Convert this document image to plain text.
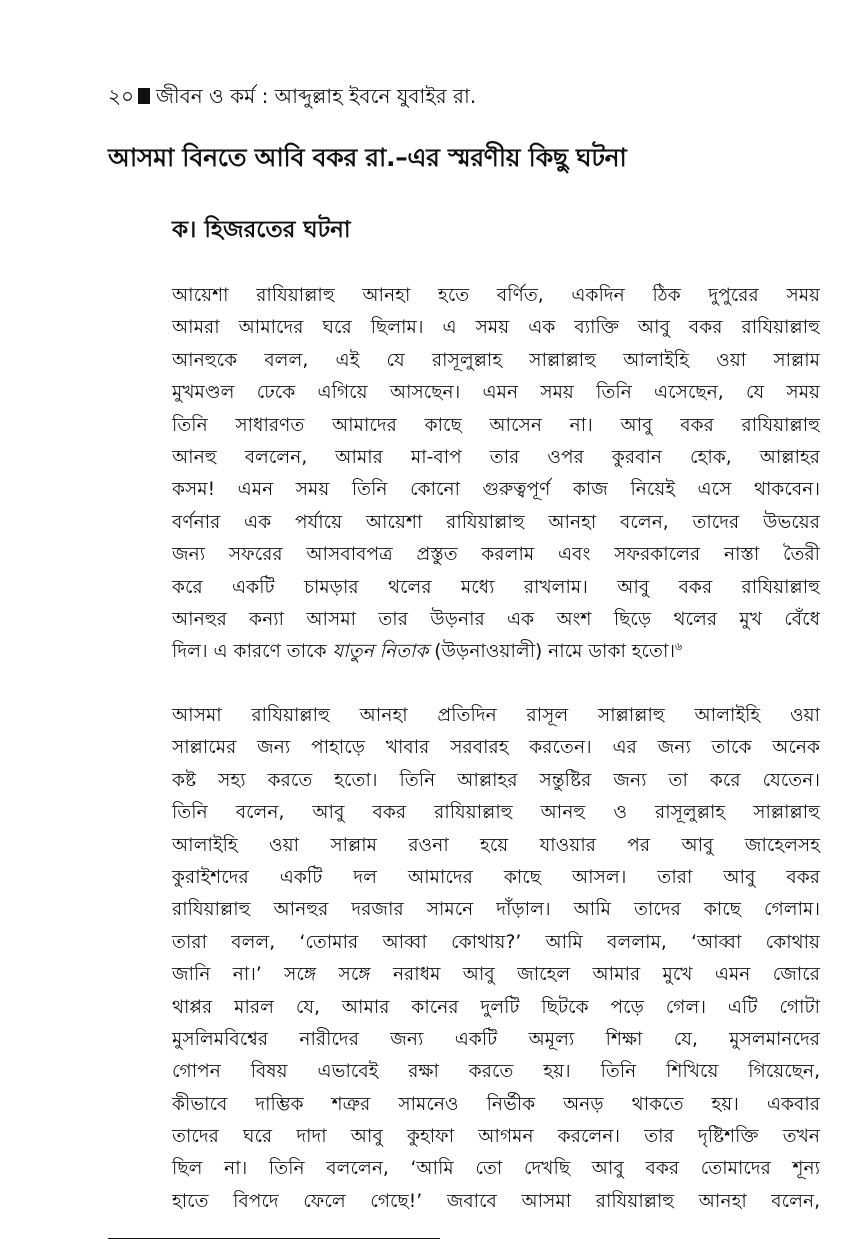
২০ জীবন ও কর্ম : আব্দুল্লাহ ইবনে যুবাইর রা.
আসমা বিনতে আবি বকর রা.–এর স্মরণীয় কিছু ঘটনা
ক। হিজরতের ঘটনা
আয়েশা রাযিয়াল্লাহু আনহা হতে বর্ণিত, একদিন ঠিক দুপুরের সময়
আমরা আমাদের ঘরে ছিলাম। এ সময় এক ব্যাক্তি আবু বকর রাযিয়াল্লাহু
আনহুকে বলল, এই যে রাসূলুল্লাহ সাল্লাল্লাহু আলাইহি ওয়া সাল্লাম
মুখমণ্ডল ঢেকে এগিয়ে আসছেন। এমন সময় তিনি এসেছেন, যে সময়
তিনি সাধারণত আমাদের কাছে আসেন না। আবু বকর রাযিয়াল্লাহু
আনহু বললেন, আমার মা-বাপ তার ওপর কুরবান হোক, আল্লাহর
কসম! এমন সময় তিনি কোনো গুরুত্বপূর্ণ কাজ নিয়েই এসে থাকবেন।
বর্ণনার এক পর্যায়ে আয়েশা রাযিয়াল্লাহু আনহা বলেন, তাদের উভয়ের
জন্য সফরের আসবাবপত্র প্রস্তুত করলাম এবং সফরকালের নাস্তা তৈরী
করে একটি চামড়ার থলের মধ্যে রাখলাম। আবু বকর রাযিয়াল্লাহু
আনহুর কন্যা আসমা তার উড়নার এক অংশ ছিড়ে থলের মুখ বেঁধে
দিল। এ কারণে তাকে যাতুন নিতাক (উড়নাওয়ালী) নামে ডাকা হতো।$^৬$
আসমা রাযিয়াল্লাহু আনহা প্রতিদিন রাসূল সাল্লাল্লাহু আলাইহি ওয়া
সাল্লামের জন্য পাহাড়ে খাবার সরবারহ করতেন। এর জন্য তাকে অনেক
কষ্ট সহ্য করতে হতো। তিনি আল্লাহর সন্তুষ্টির জন্য তা করে যেতেন।
তিনি বলেন, আবু বকর রাযিয়াল্লাহু আনহু ও রাসূলুল্লাহ সাল্লাল্লাহু
আলাইহি ওয়া সাল্লাম রওনা হয়ে যাওয়ার পর আবু জাহেলসহ
কুরাইশদের একটি দল আমাদের কাছে আসল। তারা আবু বকর
রাযিয়াল্লাহু আনহুর দরজার সামনে দাঁড়াল। আমি তাদের কাছে গেলাম।
তারা বলল, ‘তোমার আব্বা কোথায়?’ আমি বললাম, ‘আব্বা কোথায়
জানি না।’ সঙ্গে সঙ্গে নরাধম আবু জাহেল আমার মুখে এমন জোরে
থাপ্পর মারল যে, আমার কানের দুলটি ছিটকে পড়ে গেল। এটি গোটা
মুসলিমবিশ্বের নারীদের জন্য একটি অমূল্য শিক্ষা যে, মুসলমানদের
গোপন বিষয় এভাবেই রক্ষা করতে হয়। তিনি শিখিয়ে গিয়েছেন,
কীভাবে দাম্ভিক শত্রুর সামনেও নির্ভীক অনড় থাকতে হয়। একবার
তাদের ঘরে দাদা আবু কুহাফা আগমন করলেন। তার দৃষ্টিশক্তি তখন
ছিল না। তিনি বললেন, ‘আমি তো দেখছি আবু বকর তোমাদের শূন্য
হাতে বিপদে ফেলে গেছে!’ জবাবে আসমা রাযিয়াল্লাহু আনহা বলেন,
